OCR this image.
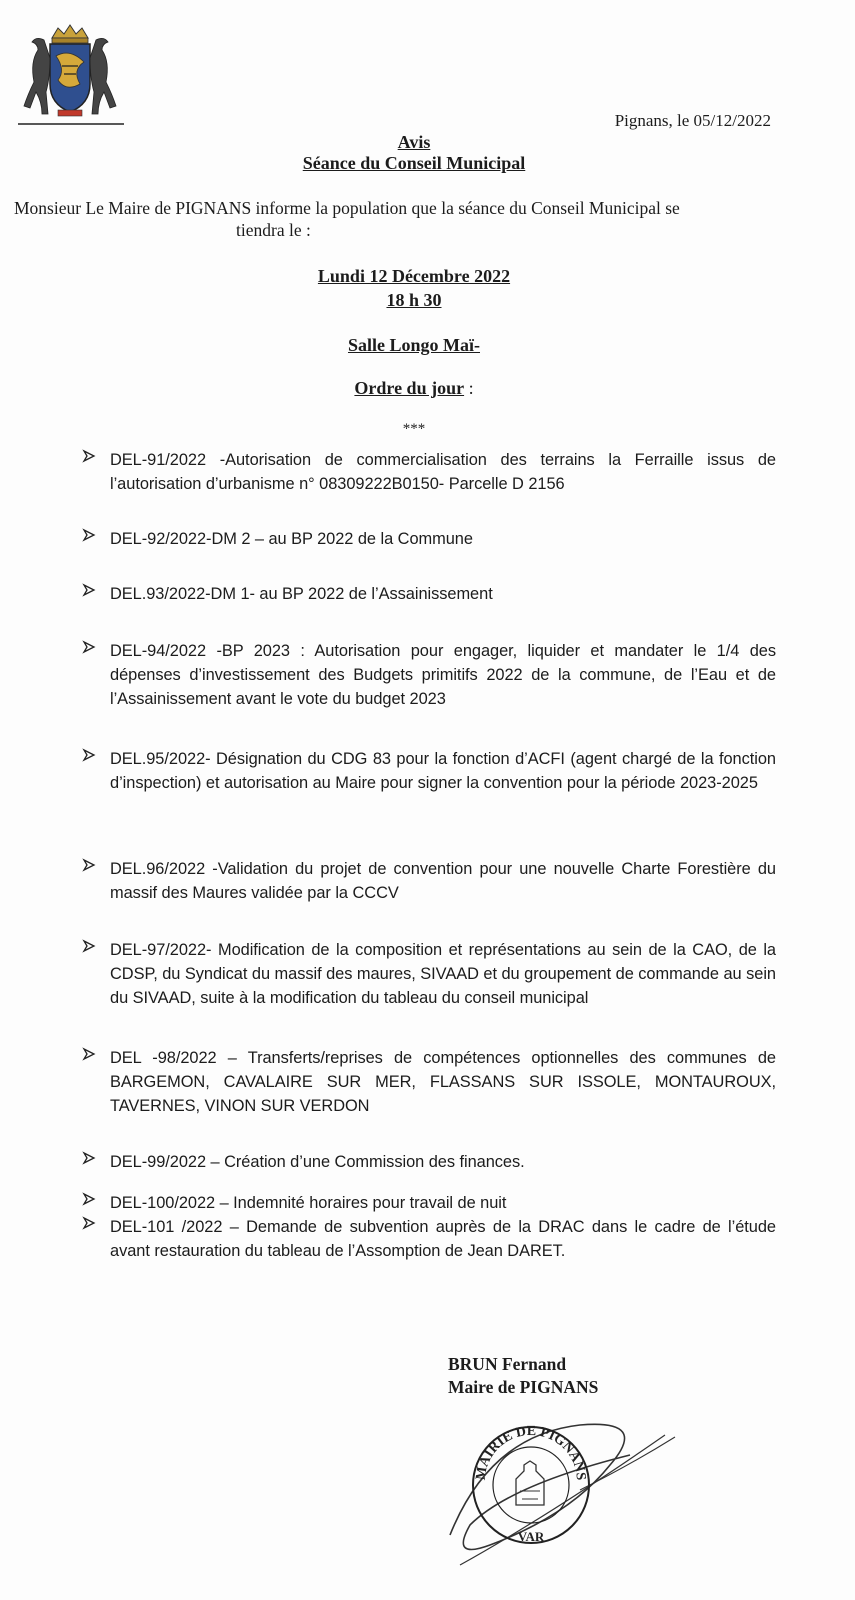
Pignans, le 05/12/2022
Avis
Séance du Conseil Municipal
Monsieur Le Maire de PIGNANS informe la population que la séance du Conseil Municipal se
tiendra le :
Lundi 12 Décembre 2022
18 h 30
Salle Longo Maï-
Ordre du jour :
***
DEL-91/2022 -Autorisation de commercialisation des terrains la Ferraille issus de l’autorisation d’urbanisme n° 08309222B0150- Parcelle D 2156
DEL-92/2022-DM 2 – au BP 2022 de la Commune
DEL.93/2022-DM 1- au BP 2022 de l’Assainissement
DEL-94/2022 -BP 2023 : Autorisation pour engager, liquider et mandater le 1/4 des dépenses d’investissement des Budgets primitifs 2022 de la commune, de l’Eau et de l’Assainissement avant le vote du budget 2023
DEL.95/2022- Désignation du CDG 83 pour la fonction d’ACFI (agent chargé de la fonction d’inspection) et autorisation au Maire pour signer la convention pour la période 2023-2025
DEL.96/2022 -Validation du projet de convention pour une nouvelle Charte Forestière du massif des Maures validée par la CCCV
DEL-97/2022- Modification de la composition et représentations au sein de la CAO, de la CDSP, du Syndicat du massif des maures, SIVAAD et du groupement de commande au sein du SIVAAD, suite à la modification du tableau du conseil municipal
DEL -98/2022 – Transferts/reprises de compétences optionnelles des communes de BARGEMON, CAVALAIRE SUR MER, FLASSANS SUR ISSOLE, MONTAUROUX, TAVERNES, VINON SUR VERDON
DEL-99/2022 – Création d’une Commission des finances.
DEL-100/2022 – Indemnité horaires pour travail de nuit
DEL-101 /2022 – Demande de subvention auprès de la DRAC dans le cadre de l’étude avant restauration du tableau de l’Assomption de Jean DARET.
BRUN Fernand
Maire de PIGNANS
MAIRIE DE PIGNANS
VAR
